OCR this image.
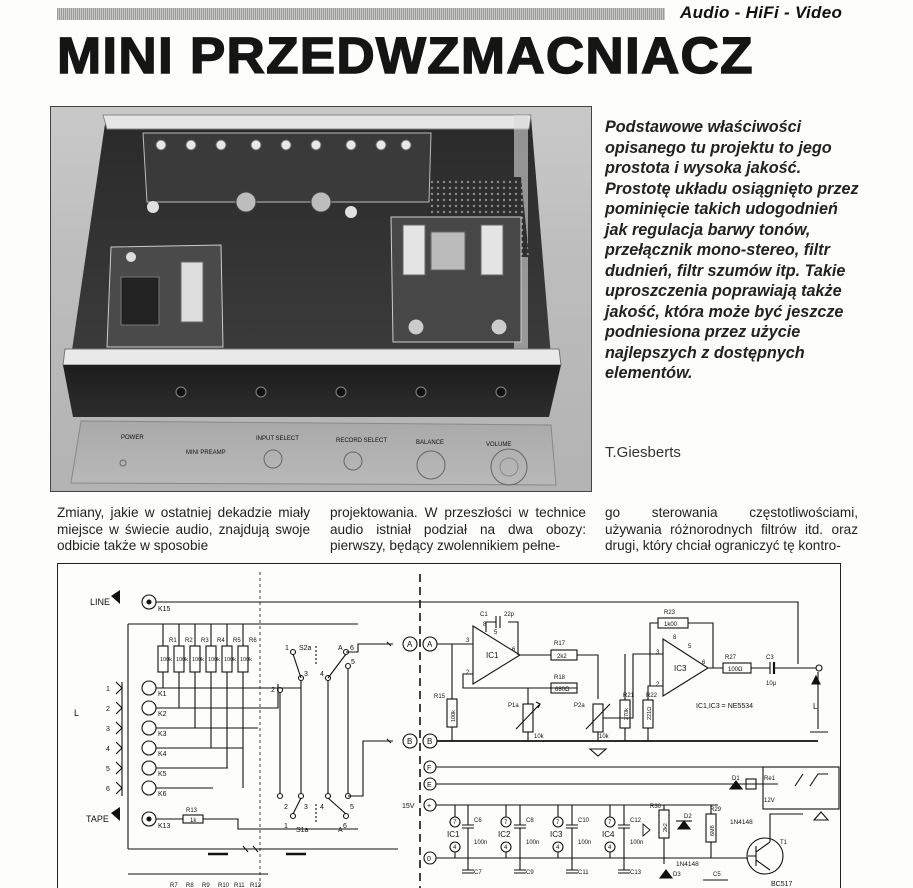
Audio - HiFi - Video
MINI PRZEDWZMACNIACZ
POWER
MINI PREAMP
INPUT SELECT	RECORD SELECT	BALANCE	VOLUME
Podstawowe właściwości opisanego tu projektu to jego prostota i wysoka jakość. Prostotę układu osiągnięto przez pominięcie takich udogodnień jak regulacja barwy tonów, przełącznik mono-stereo, filtr dudnień, filtr szumów itp. Takie uproszczenia poprawiają także jakość, która może być jeszcze podniesiona przez użycie najlepszych z dostępnych elementów.
T.Giesberts
Zmiany, jakie w ostatniej dekadzie miały miejsce w świecie audio, znajdują swoje odbicie także w sposobie
projektowania. W przeszłości w technice audio istniał podział na dwa obozy: pierwszy, będący zwolennikiem pełne-
go sterowania częstotliwościami, używania różnorodnych filtrów itd. oraz drugi, który chciał ograniczyć tę kontro-
LINE
K15
L
1
2
3
4
5
6
K1
K2
K3
K4
K5
K6
R1 R2 R3 R4 R5 R6
100k 100k 100k 100k 100k 100k
TAPE
K13
R13
1k
R7 R8 R9 R10 R11 R12
S2a
S1a
A
A
1
2
6
3 4
5
2 3 4	5
6
1
A A
B B
IC1
3
2
8
5
6
C1	22p
R15
100k
R17
2k2
R18
680Ω
P1a
10k
P2a
10k
R21
270k
R22
221Ω
IC3
3
2
8
5
6
R23
1k00
R27
100Ω
C3
10µ
L
IC1,IC3 = NE5534
F
E
Re1
12V
D1
1N4148
15V +
0
7	7	7	7
4	4	4	4
IC1	IC2	IC3	IC4
C6	C8	C10	C12
100n	100n	100n	100n
C7	C9	C11	C13
R30
2k2
D2
1N4148
R29
6M8
T1
BC517
D3	C5
